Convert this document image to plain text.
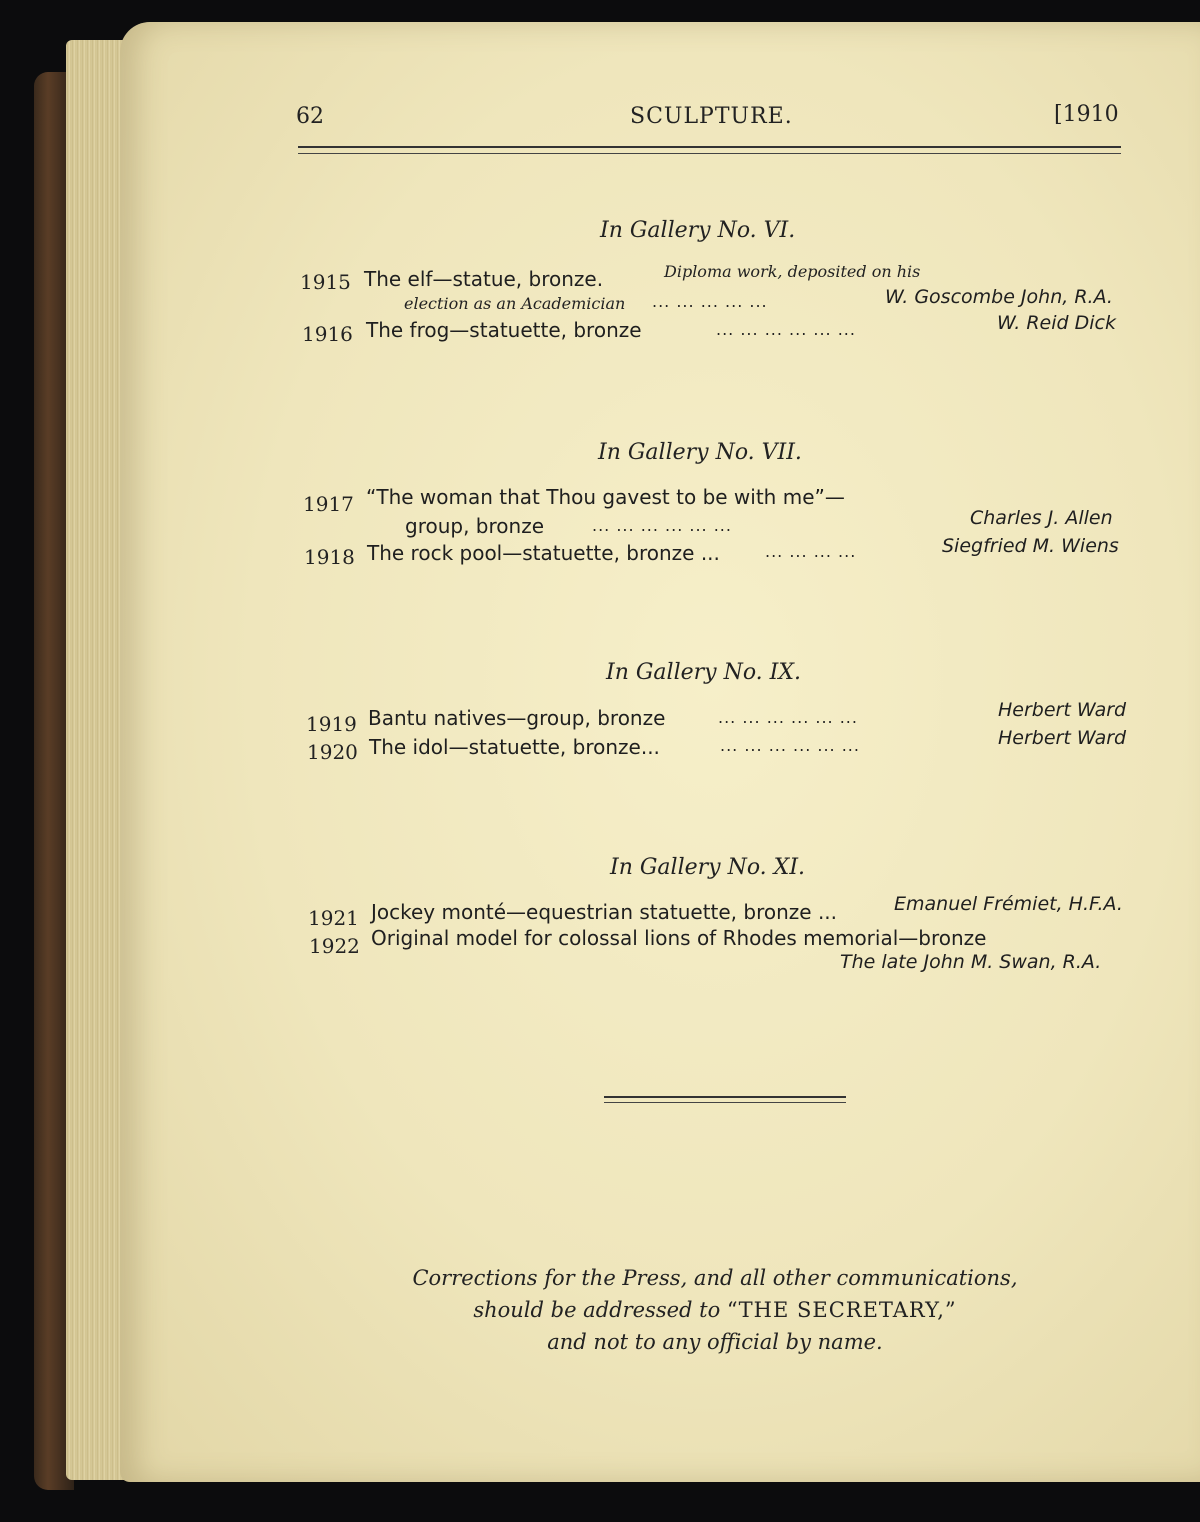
62	SCULPTURE.	[1910
In Gallery No. VI.
1915 The elf—statue, bronze.	Diploma work, deposited on his
election as an Academician ... ... ... ... ...	W. Goscombe John, R.A.
1916 The frog—statuette, bronze	... ... ... ... ... ...	W. Reid Dick
In Gallery No. VII.
1917 “The woman that Thou gavest to be with me”—
group, bronze	... ... ... ... ... ...	Charles J. Allen
1918 The rock pool—statuette, bronze ...	... ... ... ...	Siegfried M. Wiens
In Gallery No. IX.
1919 Bantu natives—group, bronze	... ... ... ... ... ...	Herbert Ward
1920 The idol—statuette, bronze...	... ... ... ... ... ...	Herbert Ward
In Gallery No. XI.
1921 Jockey monté—equestrian statuette, bronze ...	Emanuel Frémiet, H.F.A.
1922 Original model for colossal lions of Rhodes memorial—bronze
The late John M. Swan, R.A.
Corrections for the Press, and all other communications,
should be addressed to “THE SECRETARY,”
and not to any official by name.
